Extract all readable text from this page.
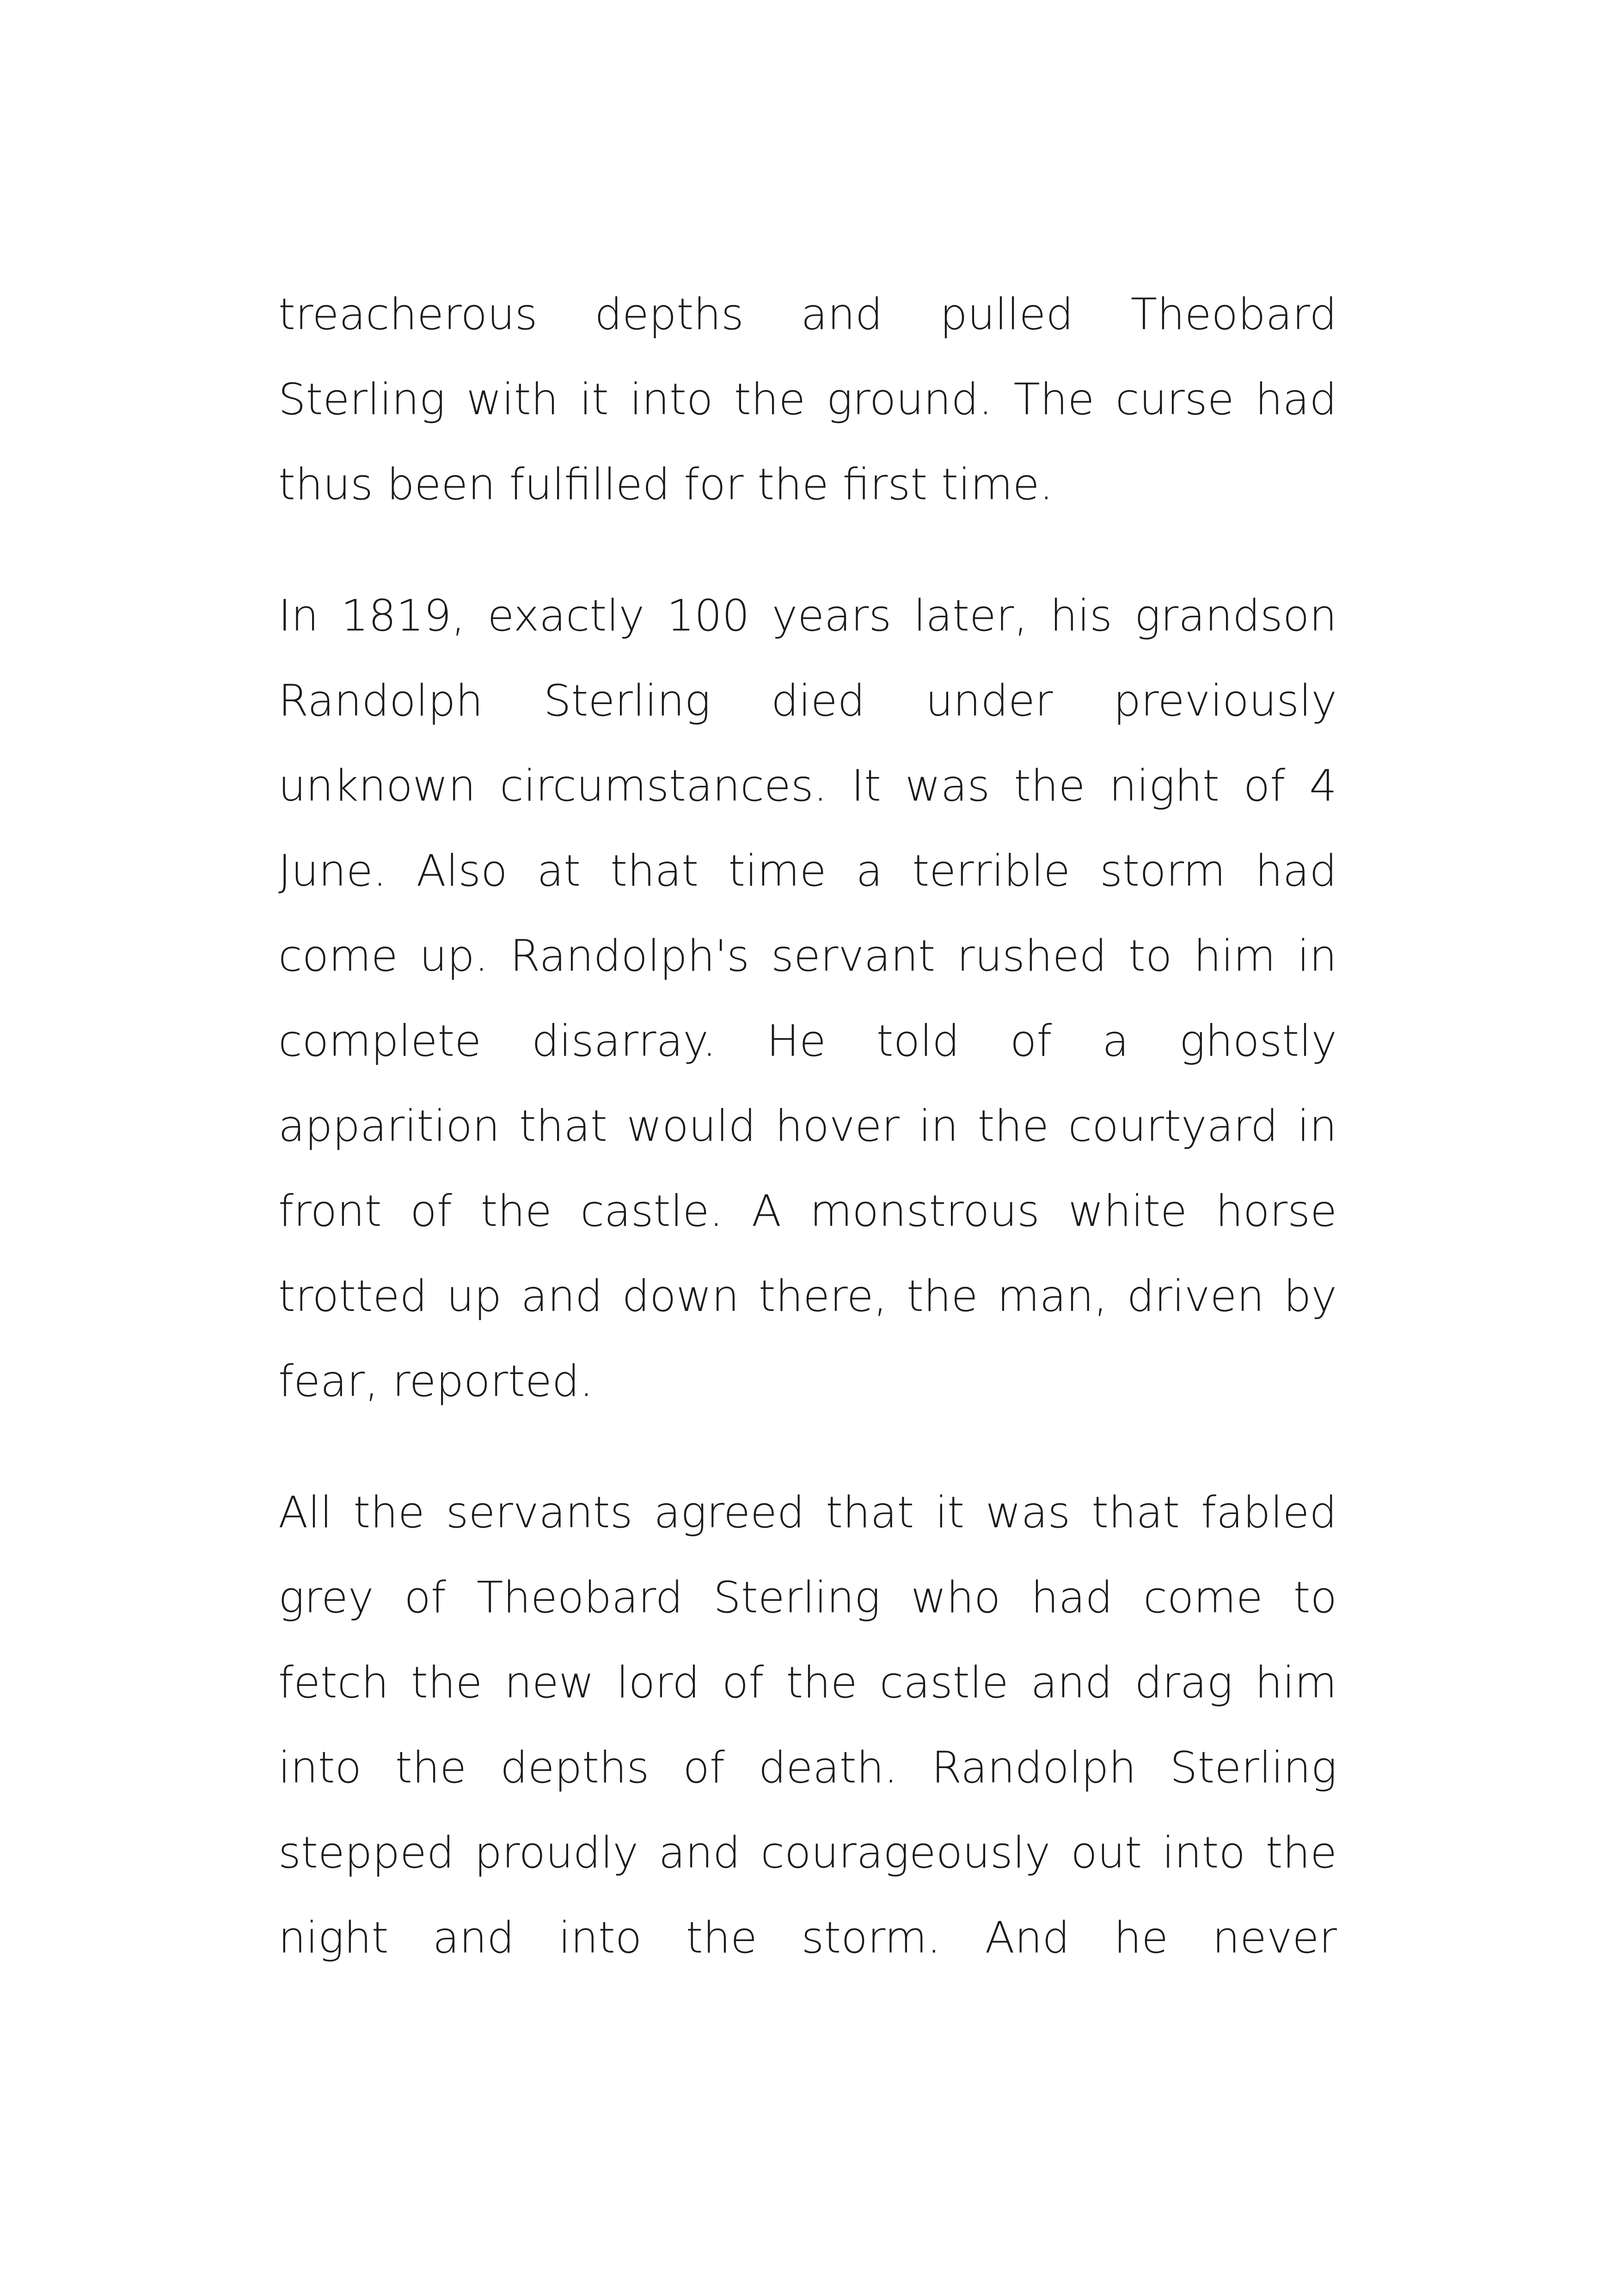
treacherous depths and pulled Theobard Sterling with it into the ground. The curse had thus been fulfilled for the first time.

In 1819, exactly 100 years later, his grandson Randolph Sterling died under previously unknown circumstances. It was the night of 4 June. Also at that time a terrible storm had come up. Randolph's servant rushed to him in complete disarray. He told of a ghostly apparition that would hover in the courtyard in front of the castle. A monstrous white horse trotted up and down there, the man, driven by fear, reported.

All the servants agreed that it was that fabled grey of Theobard Sterling who had come to fetch the new lord of the castle and drag him into the depths of death. Randolph Sterling stepped proudly and courageously out into the night and into the storm. And he never
